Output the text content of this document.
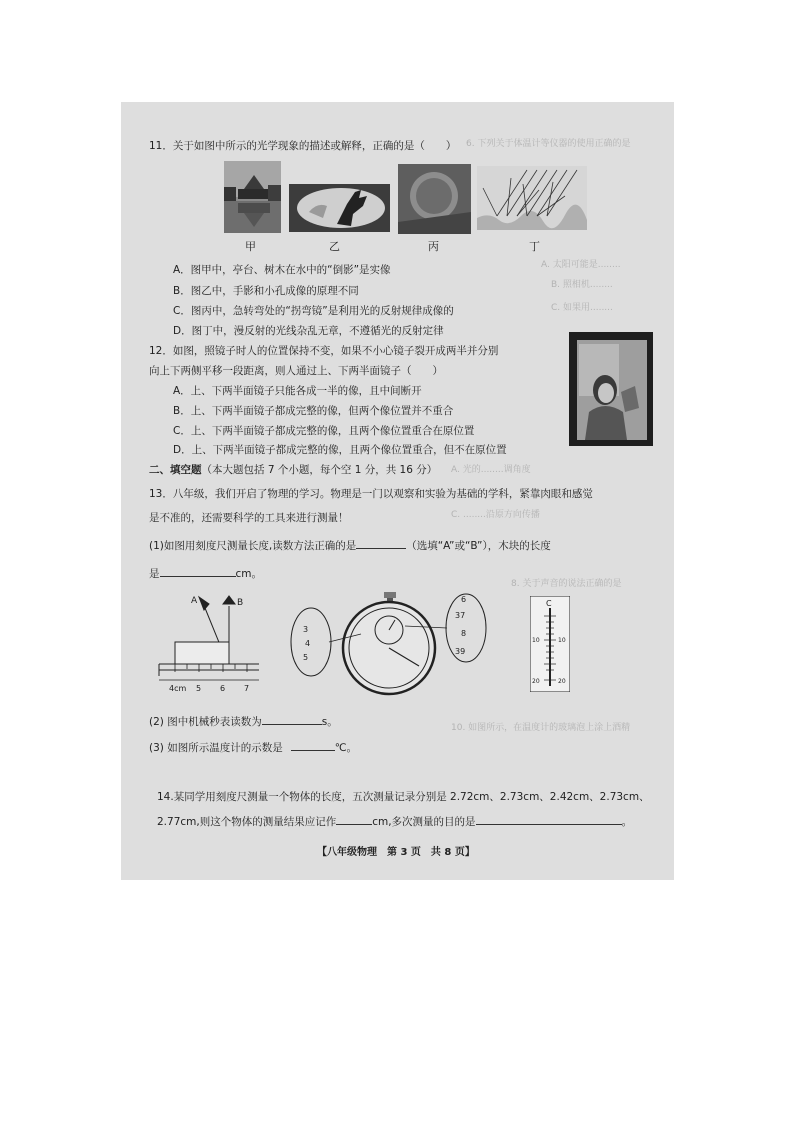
6. 下列关于体温计等仪器的使用正确的是
A. 太阳可能是........
B. 照相机........
C. 如果用........
A. 光的........调角度
C. ........沿原方向传播
8. 关于声音的说法正确的是
10. 如图所示，在温度计的玻璃泡上涂上酒精
11．关于如图中所示的光学现象的描述或解释，正确的是（　　）
甲	乙	丙	丁
A．图甲中，亭台、树木在水中的“倒影”是实像
B．图乙中，手影和小孔成像的原理不同
C．图丙中，急转弯处的“拐弯镜”是利用光的反射规律成像的
D．图丁中，漫反射的光线杂乱无章，不遵循光的反射定律
12．如图，照镜子时人的位置保持不变，如果不小心镜子裂开成两半并分别
向上下两侧平移一段距离，则人通过上、下两半面镜子（　　）
A．上、下两半面镜子只能各成一半的像，且中间断开
B．上、下两半面镜子都成完整的像，但两个像位置并不重合
C．上、下两半面镜子都成完整的像，且两个像位置重合在原位置
D．上、下两半面镜子都成完整的像，且两个像位置重合，但不在原位置
二、填空题（本大题包括 7 个小题，每个空 1 分，共 16 分）
13．八年级，我们开启了物理的学习。物理是一门以观察和实验为基础的学科，紧靠肉眼和感觉
是不准的，还需要科学的工具来进行测量！
(1)如图用刻度尺测量长度,读数方法正确的是	（选填“A”或“B”），木块的长度
是	cm。
A	B
4cm 5 6 7
3
4
5
6
37
8
39
C
10	10
20	20
(2) 图中机械秒表读数为	s。
(3) 如图所示温度计的示数是	℃。
14.某同学用刻度尺测量一个物体的长度，五次测量记录分别是 2.72cm、2.73cm、2.42cm、2.73cm、
2.77cm,则这个物体的测量结果应记作	cm,多次测量的目的是	。
【八年级物理　第 3 页　共 8 页】
